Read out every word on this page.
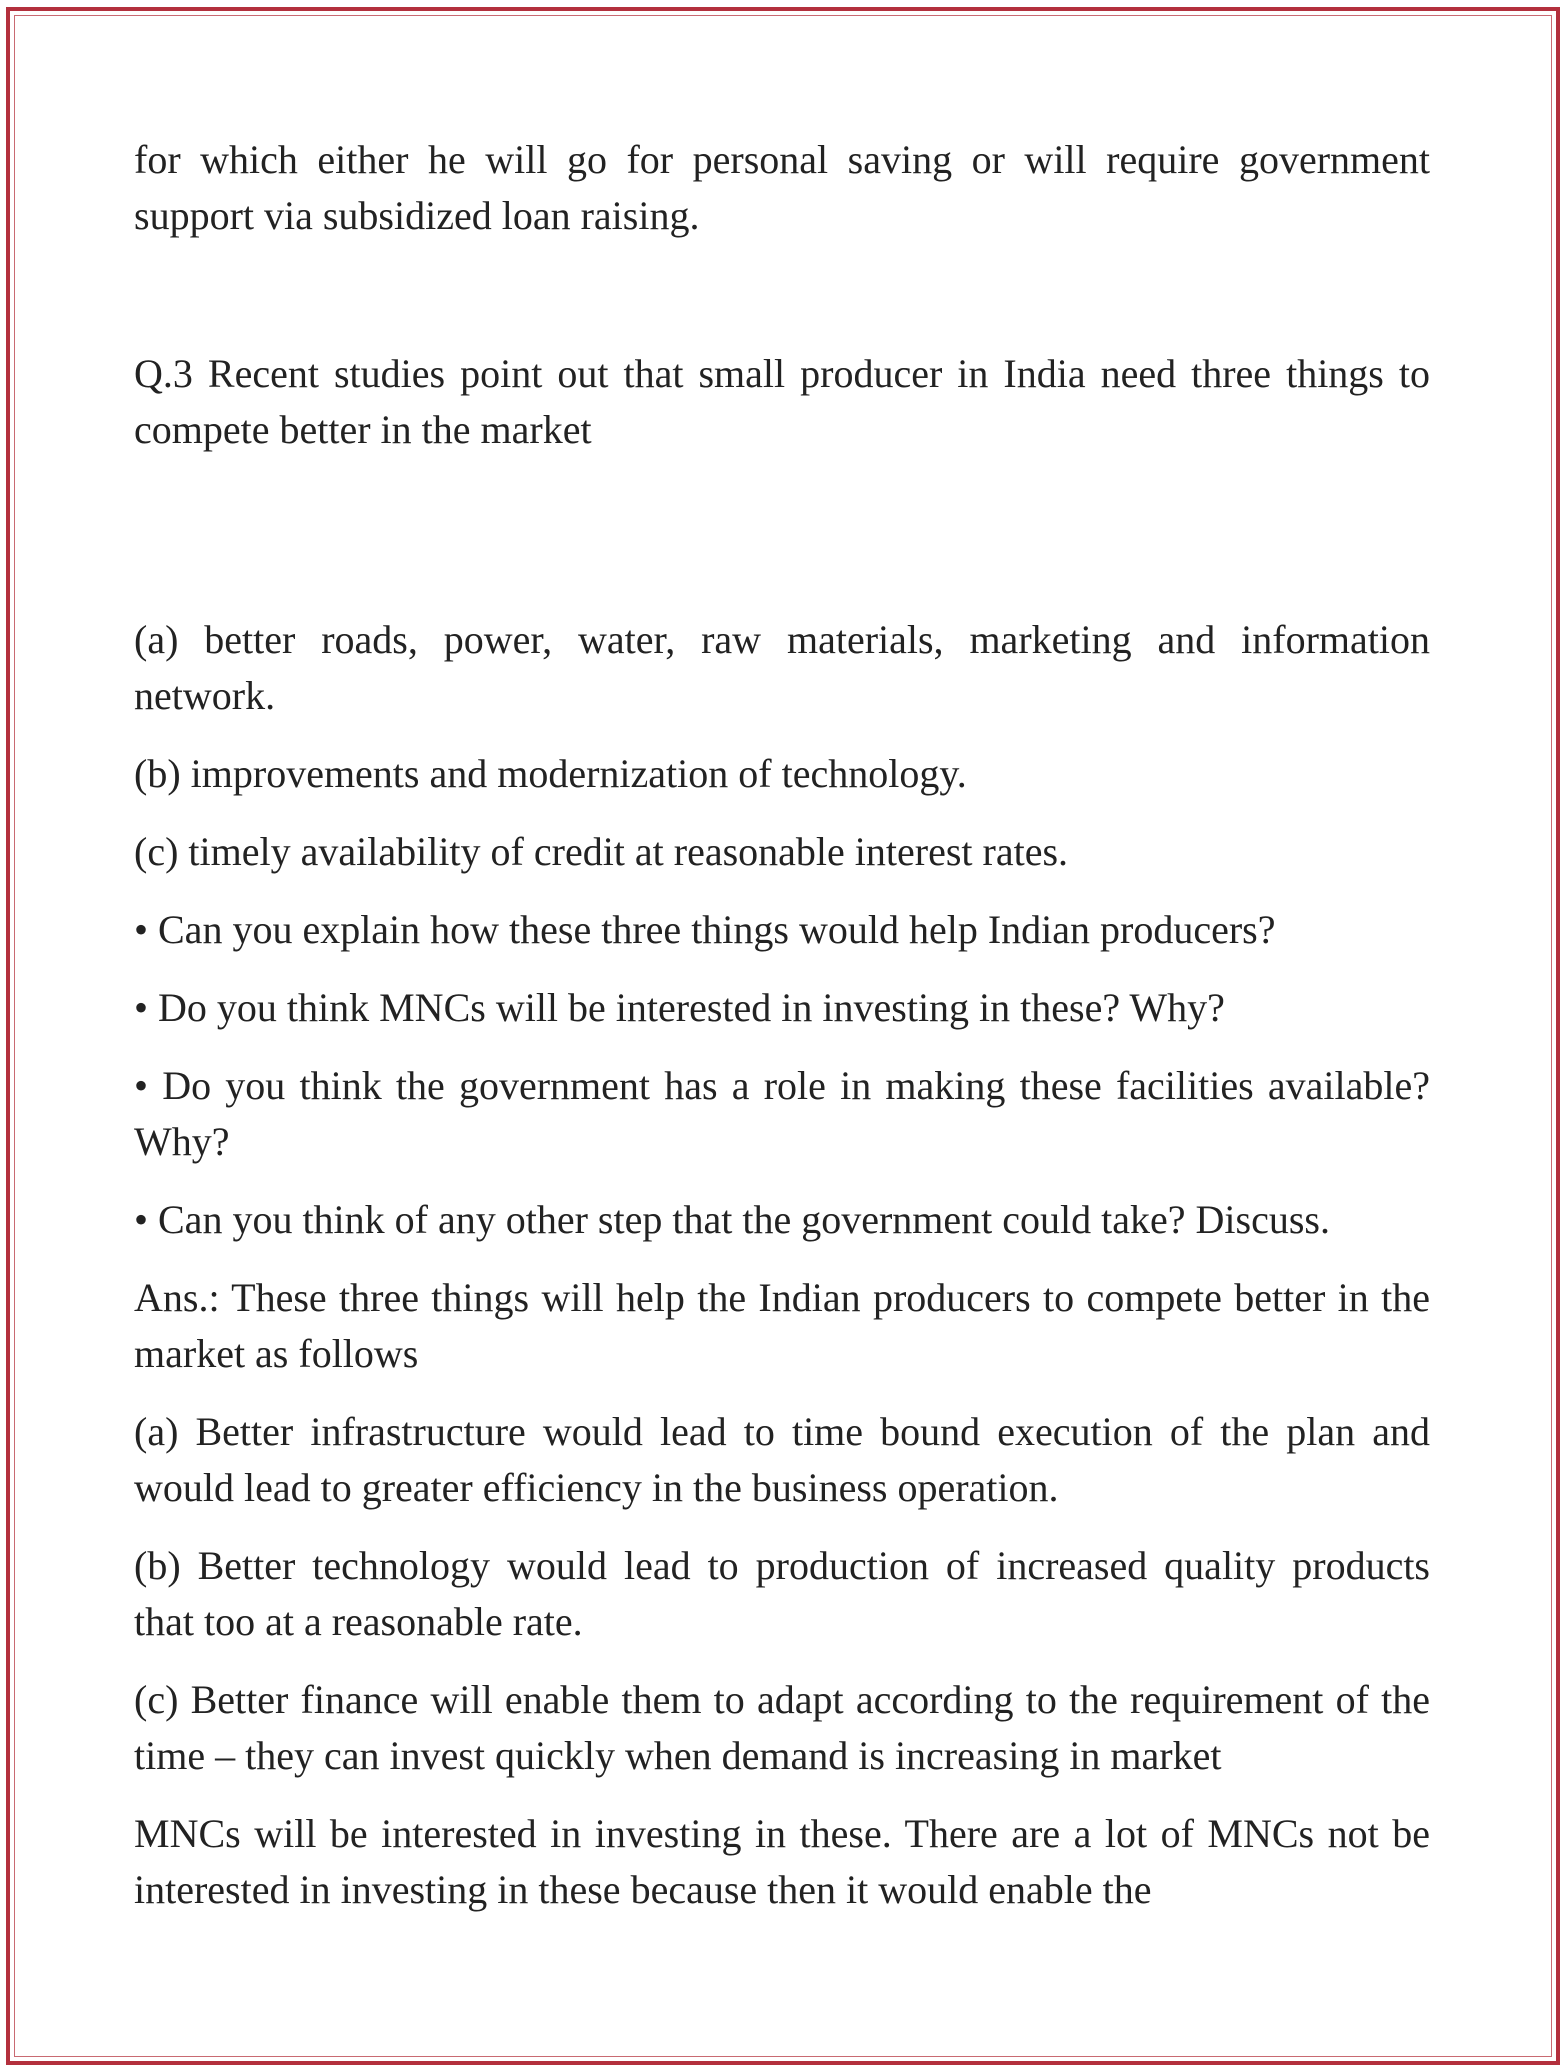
for which either he will go for personal saving or will require government support via subsidized loan raising.

Q.3 Recent studies point out that small producer in India need three things to compete better in the market

(a) better roads, power, water, raw materials, marketing and information network.

(b) improvements and modernization of technology.

(c) timely availability of credit at reasonable interest rates.

• Can you explain how these three things would help Indian producers?

• Do you think MNCs will be interested in investing in these? Why?

• Do you think the government has a role in making these facilities available? Why?

• Can you think of any other step that the government could take? Discuss.

Ans.: These three things will help the Indian producers to compete better in the market as follows

(a) Better infrastructure would lead to time bound execution of the plan and would lead to greater efficiency in the business operation.

(b) Better technology would lead to production of increased quality products that too at a reasonable rate.

(c) Better finance will enable them to adapt according to the requirement of the time – they can invest quickly when demand is increasing in market

MNCs will be interested in investing in these. There are a lot of MNCs not be interested in investing in these because then it would enable the
